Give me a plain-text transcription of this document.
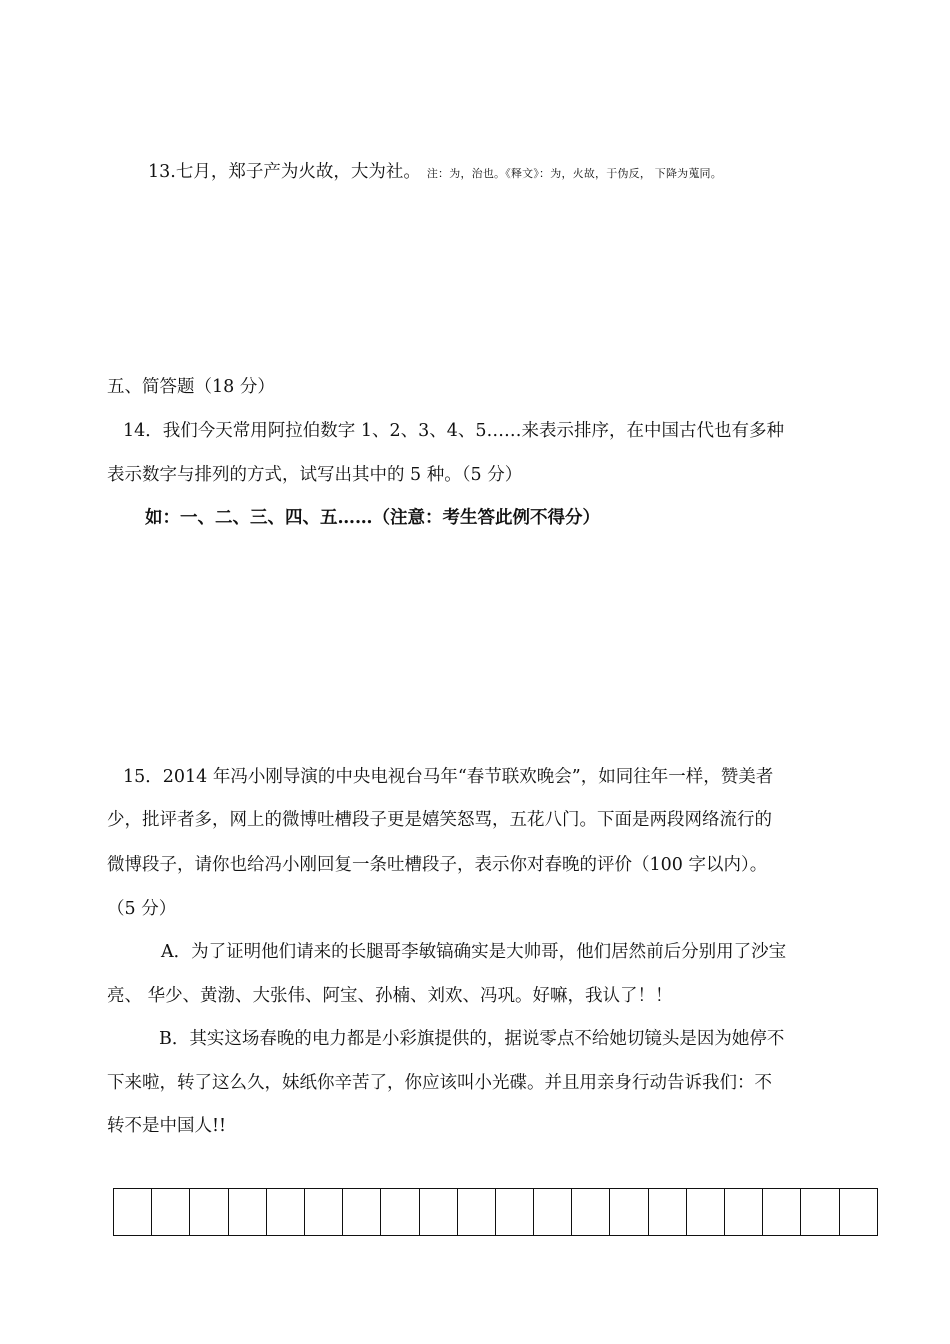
13.七月，郑子产为火故，大为社。 注：为，治也。《释文》：为，火故，于伪反， 下降为蒐同。
五、简答题（18 分）
14．我们今天常用阿拉伯数字 1、2、3、4、5……来表示排序，在中国古代也有多种
表示数字与排列的方式，试写出其中的 5 种。（5 分）
如：一、二、三、四、五……（注意：考生答此例不得分）
15．2014 年冯小刚导演的中央电视台马年“春节联欢晚会”，如同往年一样，赞美者
少，批评者多，网上的微博吐槽段子更是嬉笑怒骂，五花八门。下面是两段网络流行的
微博段子，请你也给冯小刚回复一条吐槽段子，表示你对春晚的评价（100 字以内）。
（5 分）
A．为了证明他们请来的长腿哥李敏镐确实是大帅哥，他们居然前后分别用了沙宝
亮、 华少、黄渤、大张伟、阿宝、孙楠、刘欢、冯巩。好嘛，我认了！！
B．其实这场春晚的电力都是小彩旗提供的，据说零点不给她切镜头是因为她停不
下来啦，转了这么久，妹纸你辛苦了，你应该叫小光碟。并且用亲身行动告诉我们：不
转不是中国人!!
